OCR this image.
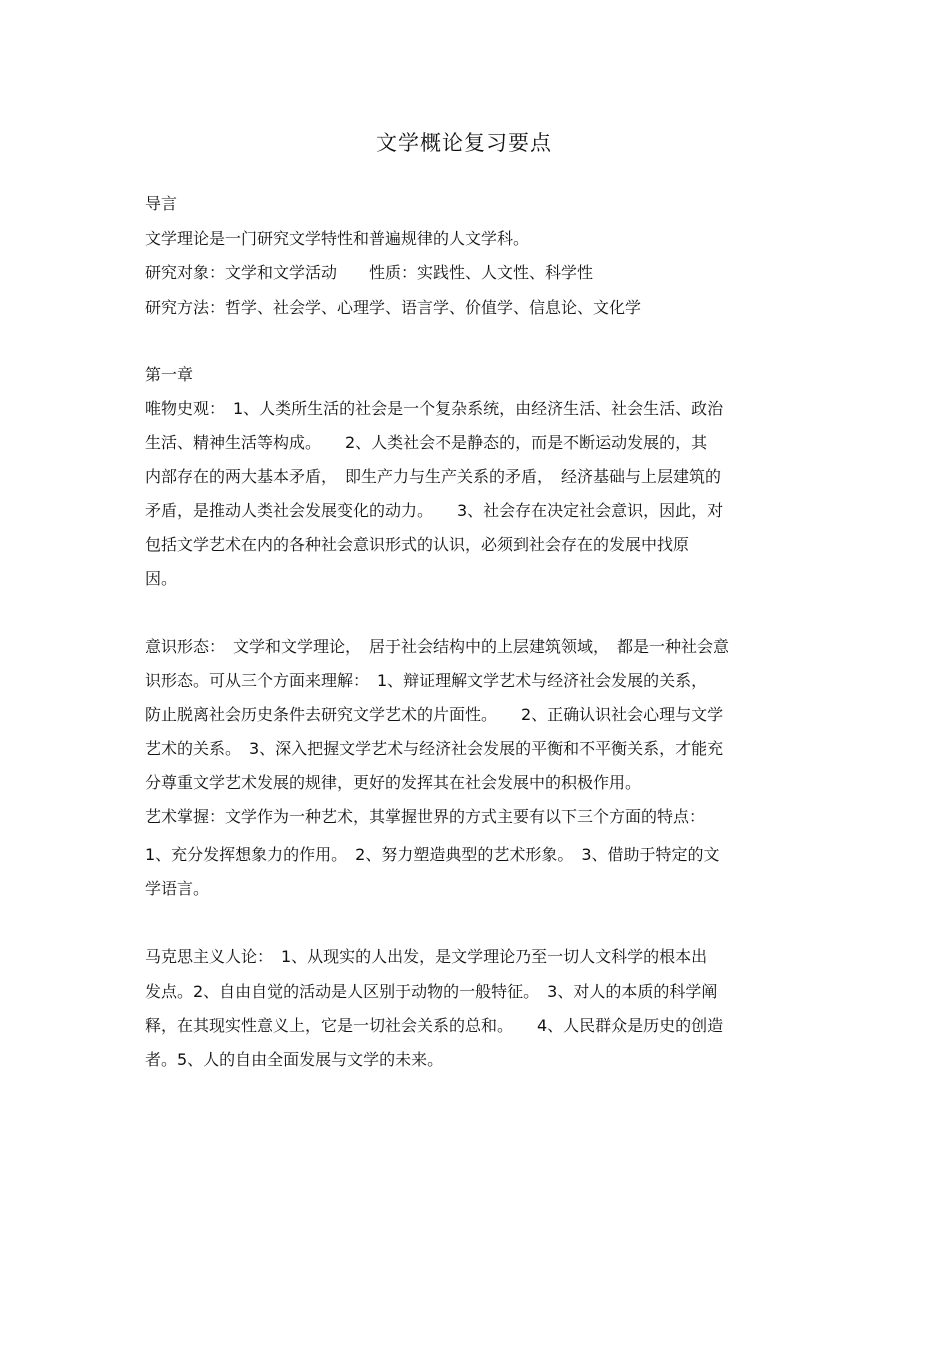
文学概论复习要点
导言
文学理论是一门研究文学特性和普遍规律的人文学科。
研究对象：文学和文学活动　　性质：实践性、人文性、科学性
研究方法：哲学、社会学、心理学、语言学、价值学、信息论、文化学
第一章
唯物史观：　1、人类所生活的社会是一个复杂系统，由经济生活、社会生活、政治
生活、精神生活等构成。　　2、人类社会不是静态的，而是不断运动发展的，其
内部存在的两大基本矛盾，　即生产力与生产关系的矛盾，　经济基础与上层建筑的
矛盾，是推动人类社会发展变化的动力。　　3、社会存在决定社会意识，因此，对
包括文学艺术在内的各种社会意识形式的认识，必须到社会存在的发展中找原
因。
意识形态：　文学和文学理论，　居于社会结构中的上层建筑领域，　都是一种社会意
识形态。可从三个方面来理解：　1、辩证理解文学艺术与经济社会发展的关系，
防止脱离社会历史条件去研究文学艺术的片面性。　　2、正确认识社会心理与文学
艺术的关系。　3、深入把握文学艺术与经济社会发展的平衡和不平衡关系，才能充
分尊重文学艺术发展的规律，更好的发挥其在社会发展中的积极作用。
艺术掌握：文学作为一种艺术，其掌握世界的方式主要有以下三个方面的特点：
1、充分发挥想象力的作用。　2、努力塑造典型的艺术形象。　3、借助于特定的文
学语言。
马克思主义人论：　1、从现实的人出发，是文学理论乃至一切人文科学的根本出
发点。2、自由自觉的活动是人区别于动物的一般特征。　3、对人的本质的科学阐
释，在其现实性意义上，它是一切社会关系的总和。　　4、人民群众是历史的创造
者。5、人的自由全面发展与文学的未来。
